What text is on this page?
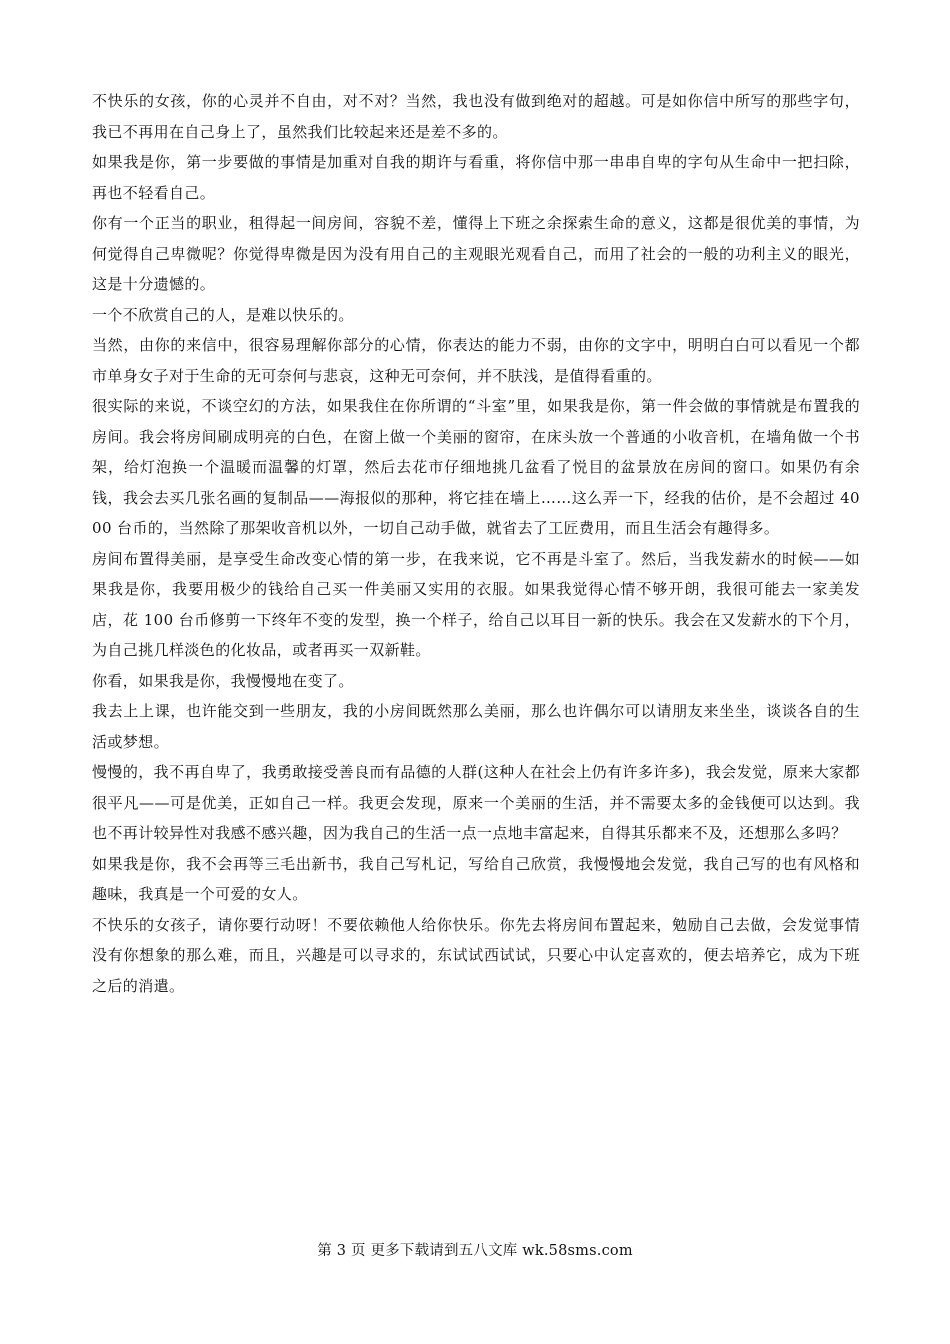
不快乐的女孩，你的心灵并不自由，对不对？当然，我也没有做到绝对的超越。可是如你信中所写的那些字句，我已不再用在自己身上了，虽然我们比较起来还是差不多的。

如果我是你，第一步要做的事情是加重对自我的期许与看重，将你信中那一串串自卑的字句从生命中一把扫除，再也不轻看自己。

你有一个正当的职业，租得起一间房间，容貌不差，懂得上下班之余探索生命的意义，这都是很优美的事情，为何觉得自己卑微呢？你觉得卑微是因为没有用自己的主观眼光观看自己，而用了社会的一般的功利主义的眼光，这是十分遗憾的。

一个不欣赏自己的人，是难以快乐的。

当然，由你的来信中，很容易理解你部分的心情，你表达的能力不弱，由你的文字中，明明白白可以看见一个都市单身女子对于生命的无可奈何与悲哀，这种无可奈何，并不肤浅，是值得看重的。

很实际的来说，不谈空幻的方法，如果我住在你所谓的“斗室”里，如果我是你，第一件会做的事情就是布置我的房间。我会将房间刷成明亮的白色，在窗上做一个美丽的窗帘，在床头放一个普通的小收音机，在墙角做一个书架，给灯泡换一个温暖而温馨的灯罩，然后去花市仔细地挑几盆看了悦目的盆景放在房间的窗口。如果仍有余钱，我会去买几张名画的复制品——海报似的那种，将它挂在墙上……这么弄一下，经我的估价，是不会超过 4000 台币的，当然除了那架收音机以外，一切自己动手做，就省去了工匠费用，而且生活会有趣得多。

房间布置得美丽，是享受生命改变心情的第一步，在我来说，它不再是斗室了。然后，当我发薪水的时候——如果我是你，我要用极少的钱给自己买一件美丽又实用的衣服。如果我觉得心情不够开朗，我很可能去一家美发店，花 100 台币修剪一下终年不变的发型，换一个样子，给自己以耳目一新的快乐。我会在又发薪水的下个月，为自己挑几样淡色的化妆品，或者再买一双新鞋。

你看，如果我是你，我慢慢地在变了。

我去上上课，也许能交到一些朋友，我的小房间既然那么美丽，那么也许偶尔可以请朋友来坐坐，谈谈各自的生活或梦想。

慢慢的，我不再自卑了，我勇敢接受善良而有品德的人群(这种人在社会上仍有许多许多)，我会发觉，原来大家都很平凡——可是优美，正如自己一样。我更会发现，原来一个美丽的生活，并不需要太多的金钱便可以达到。我也不再计较异性对我感不感兴趣，因为我自己的生活一点一点地丰富起来，自得其乐都来不及，还想那么多吗？

如果我是你，我不会再等三毛出新书，我自己写札记，写给自己欣赏，我慢慢地会发觉，我自己写的也有风格和趣味，我真是一个可爱的女人。

不快乐的女孩子，请你要行动呀！不要依赖他人给你快乐。你先去将房间布置起来，勉励自己去做，会发觉事情没有你想象的那么难，而且，兴趣是可以寻求的，东试试西试试，只要心中认定喜欢的，便去培养它，成为下班之后的消遣。

第 3 页 更多下载请到五八文库 wk.58sms.com
